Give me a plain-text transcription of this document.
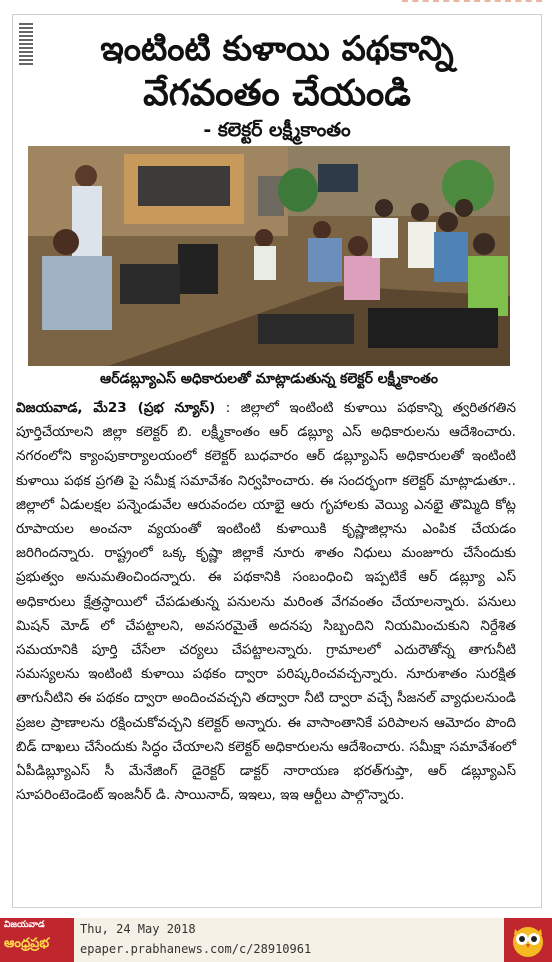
ఇంటింటి కుళాయి పథకాన్ని
వేగవంతం చేయండి
- కలెక్టర్ లక్ష్మీకాంతం
ఆర్‌డబ్ల్యూఎస్ అధికారులతో మాట్లాడుతున్న కలెక్టర్ లక్ష్మీకాంతం

విజయవాడ, మే23 (ప్రభ న్యూస్) : జిల్లాలో ఇంటింటి కుళాయి పథకాన్ని త్వరితగతిన పూర్తిచేయాలని జిల్లా కలెక్టర్ బి. లక్ష్మీకాంతం ఆర్ డబ్ల్యూ ఎస్ అధికారులను ఆదేశించారు. నగరంలోని క్యాంపుకార్యాలయంలో కలెక్టర్ బుధవారం ఆర్ డబ్ల్యూఎస్ అధికారులతో ఇంటింటి కుళాయి పథక ప్రగతి పై సమీక్ష సమావేశం నిర్వహించారు. ఈ సందర్భంగా కలెక్టర్ మాట్లాడుతూ.. జిల్లాలో ఏడులక్షల పన్నెండువేల ఆరువందల యాభై ఆరు గృహాలకు వెయ్యి ఎనభై తొమ్మిది కోట్ల రూపాయల అంచనా వ్యయంతో ఇంటింటి కుళాయికి కృష్ణాజిల్లాను ఎంపిక చేయడం జరిగిందన్నారు. రాష్ట్రంలో ఒక్క కృష్ణా జిల్లాకే నూరు శాతం నిధులు మంజూరు చేసేందుకు ప్రభుత్వం అనుమతించిందన్నారు. ఈ పథకానికి సంబంధించి ఇప్పటికే ఆర్ డబ్ల్యూ ఎస్ అధికారులు క్షేత్రస్థాయిలో చేపడుతున్న పనులను మరింత వేగవంతం చేయాలన్నారు. పనులు మిషన్ మోడ్ లో చేపట్టాలని, అవసరమైతే అదనపు సిబ్బందిని నియమించుకుని నిర్దేశిత సమయానికి పూర్తి చేసేలా చర్యలు చేపట్టాలన్నారు. గ్రామాలలో ఎదురౌతోన్న తాగునీటి సమస్యలను ఇంటింటి కుళాయి పథకం ద్వారా పరిష్కరించవచ్చన్నారు. నూరుశాతం సురక్షిత తాగునీటిని ఈ పథకం ద్వారా అందించవచ్చని తద్వారా నీటి ద్వారా వచ్చే సీజనల్ వ్యాధులనుండి ప్రజల ప్రాణాలను రక్షించుకోవచ్చని కలెక్టర్ అన్నారు. ఈ వాసాంతానికే పరిపాలన ఆమోదం పొంది బిడ్ దాఖలు చేసేందుకు సిద్ధం చేయాలని కలెక్టర్ అధికారులను ఆదేశించారు. సమీక్షా సమావేశంలో ఏపీడిబ్ల్యూఎస్ సీ మేనేజింగ్ డైరెక్టర్ డాక్టర్ నారాయణ భరత్‌గుప్తా, ఆర్ డబ్ల్యూఎస్ సూపరింటెండెంట్ ఇంజనీర్ డి. సాయినాద్, ఇఇలు, ఇఇ ఆర్టీలు పాల్గొన్నారు.

విజయవాడ
ఆంధ్రప్రభ
Thu, 24 May 2018
epaper.prabhanews.com/c/28910961
